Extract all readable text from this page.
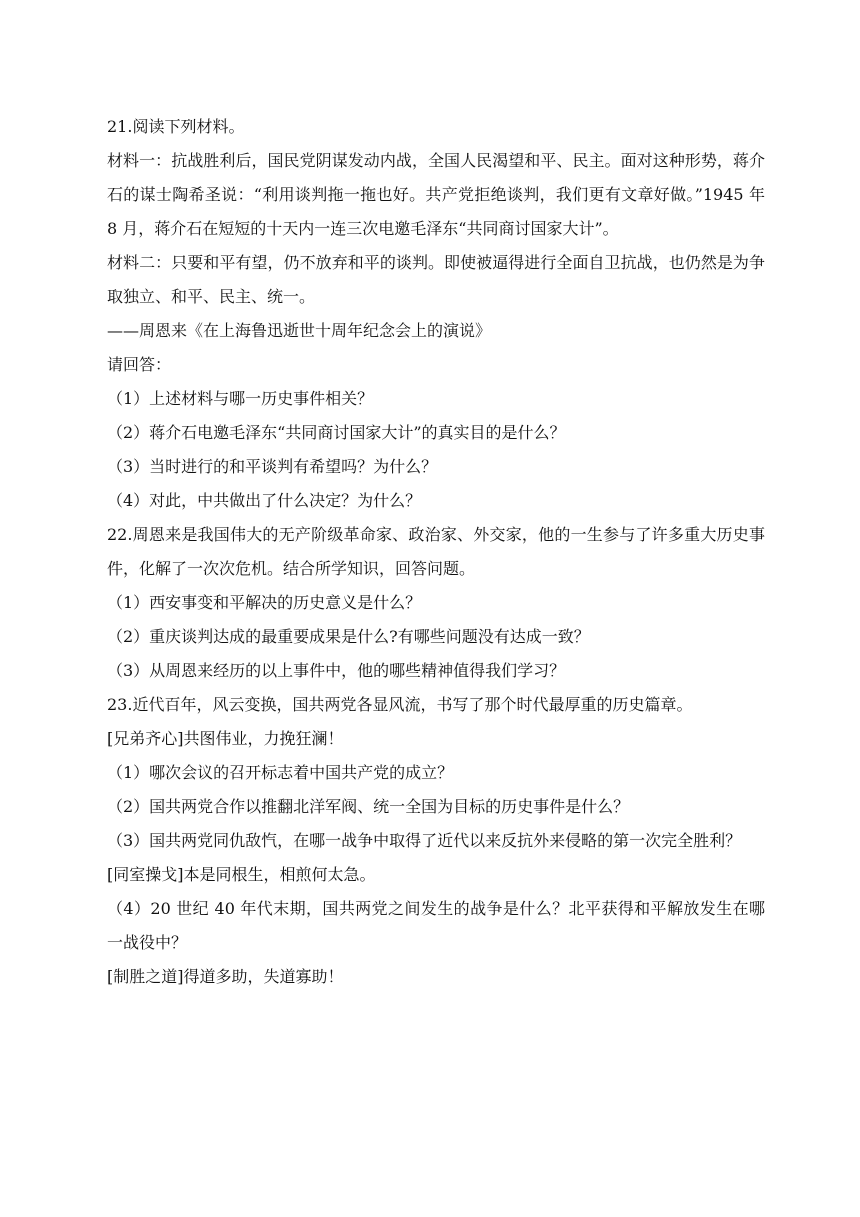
21.阅读下列材料。
材料一：抗战胜利后，国民党阴谋发动内战，全国人民渴望和平、民主。面对这种形势，蒋介石的谋士陶希圣说：“利用谈判拖一拖也好。共产党拒绝谈判，我们更有文章好做。”1945 年 8 月，蒋介石在短短的十天内一连三次电邀毛泽东“共同商讨国家大计”。
材料二：只要和平有望，仍不放弃和平的谈判。即使被逼得进行全面自卫抗战，也仍然是为争取独立、和平、民主、统一。
——周恩来《在上海鲁迅逝世十周年纪念会上的演说》
请回答：
（1）上述材料与哪一历史事件相关？
（2）蒋介石电邀毛泽东“共同商讨国家大计”的真实目的是什么？
（3）当时进行的和平谈判有希望吗？为什么？
（4）对此，中共做出了什么决定？为什么？
22.周恩来是我国伟大的无产阶级革命家、政治家、外交家，他的一生参与了许多重大历史事件，化解了一次次危机。结合所学知识，回答问题。
（1）西安事变和平解决的历史意义是什么？
（2）重庆谈判达成的最重要成果是什么?有哪些问题没有达成一致？
（3）从周恩来经历的以上事件中，他的哪些精神值得我们学习？
23.近代百年，风云变换，国共两党各显风流，书写了那个时代最厚重的历史篇章。
[兄弟齐心]共图伟业，力挽狂澜！
（1）哪次会议的召开标志着中国共产党的成立？
（2）国共两党合作以推翻北洋军阀、统一全国为目标的历史事件是什么？
（3）国共两党同仇敌忾，在哪一战争中取得了近代以来反抗外来侵略的第一次完全胜利？
[同室操戈]本是同根生，相煎何太急。
（4）20 世纪 40 年代末期，国共两党之间发生的战争是什么？北平获得和平解放发生在哪一战役中？
[制胜之道]得道多助，失道寡助！
